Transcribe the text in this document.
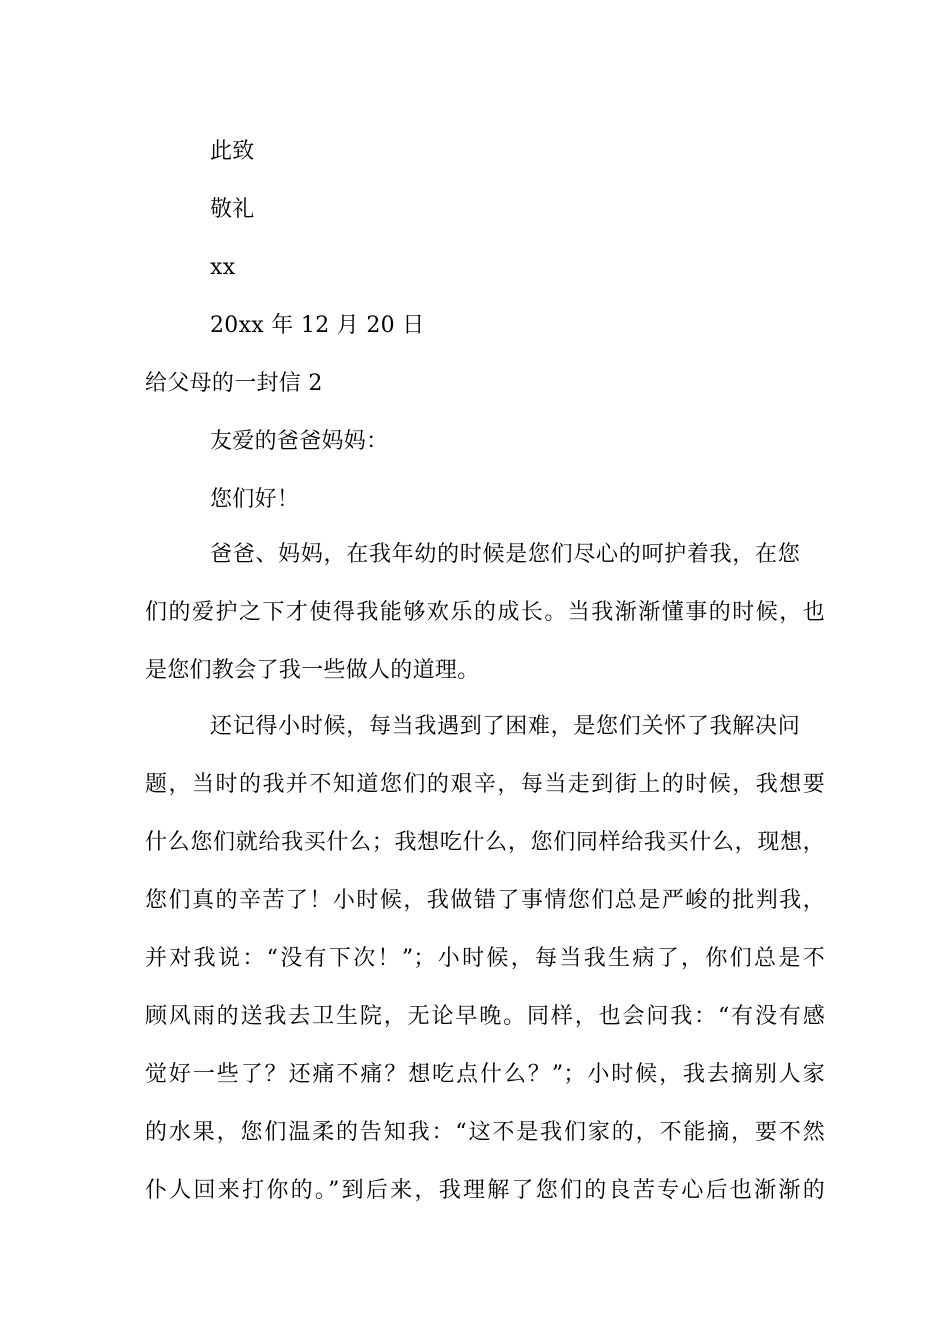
此致
敬礼
xx
20xx 年 12 月 20 日
给父母的一封信 2
友爱的爸爸妈妈：
您们好！
爸爸、妈妈，在我年幼的时候是您们尽心的呵护着我，在您
们的爱护之下才使得我能够欢乐的成长。当我渐渐懂事的时候，也
是您们教会了我一些做人的道理。
还记得小时候，每当我遇到了困难，是您们关怀了我解决问
题，当时的我并不知道您们的艰辛，每当走到街上的时候，我想要
什么您们就给我买什么；我想吃什么，您们同样给我买什么，现想，
您们真的辛苦了！小时候，我做错了事情您们总是严峻的批判我，
并对我说：“没有下次！”；小时候，每当我生病了，你们总是不
顾风雨的送我去卫生院，无论早晚。同样，也会问我：“有没有感
觉好一些了？还痛不痛？想吃点什么？”；小时候，我去摘别人家
的水果，您们温柔的告知我：“这不是我们家的，不能摘，要不然
仆人回来打你的。”到后来，我理解了您们的良苦专心后也渐渐的
